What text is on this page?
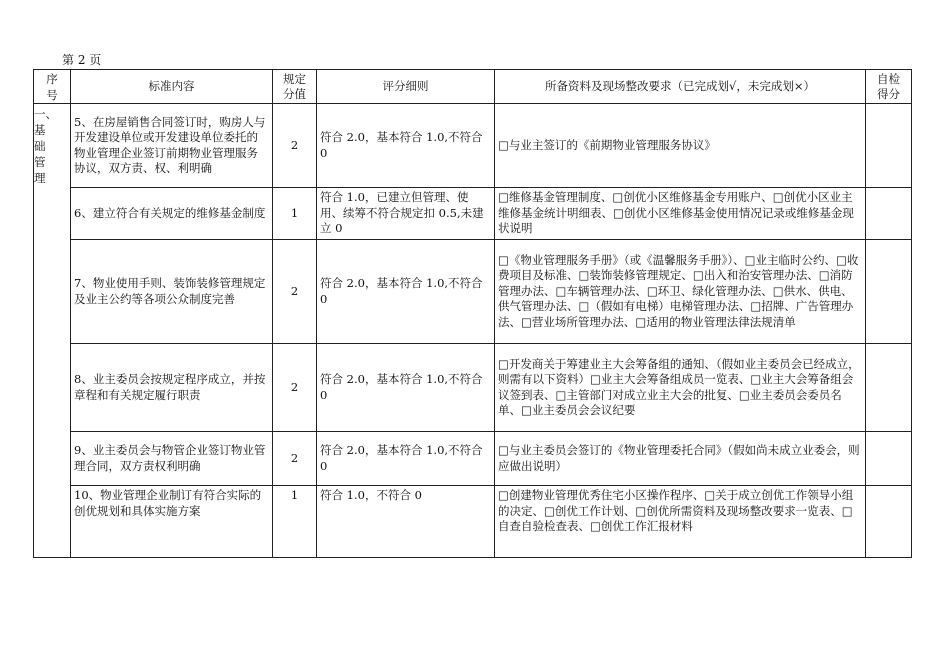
第 2 页
序号	标准内容	规定分值	评分细则	所备资料及现场整改要求（已完成划√，未完成划×）	自检得分
一、基础管理	5、在房屋销售合同签订时，购房人与开发建设单位或开发建设单位委托的物业管理企业签订前期物业管理服务协议，双方责、权、利明确	2	符合 2.0，基本符合 1.0,不符合 0	□与业主签订的《前期物业管理服务协议》	
	6、建立符合有关规定的维修基金制度	1	符合 1.0，已建立但管理、使用、续筹不符合规定扣 0.5,未建立 0	□维修基金管理制度、□创优小区维修基金专用账户、□创优小区业主维修基金统计明细表、□创优小区维修基金使用情况记录或维修基金现状说明	
	7、物业使用手则、装饰装修管理规定及业主公约等各项公众制度完善	2	符合 2.0，基本符合 1.0,不符合 0	□《物业管理服务手册》（或《温馨服务手册》）、□业主临时公约、□收费项目及标准、□装饰装修管理规定、□出入和治安管理办法、□消防管理办法、□车辆管理办法、□环卫、绿化管理办法、□供水、供电、供气管理办法、□（假如有电梯）电梯管理办法、□招牌、广告管理办法、□营业场所管理办法、□适用的物业管理法律法规清单	
	8、业主委员会按规定程序成立，并按章程和有关规定履行职责	2	符合 2.0，基本符合 1.0,不符合 0	□开发商关于筹建业主大会筹备组的通知、（假如业主委员会已经成立，则需有以下资料）□业主大会筹备组成员一览表、□业主大会筹备组会议签到表、□主管部门对成立业主大会的批复、□业主委员会委员名单、□业主委员会会议纪要	
	9、业主委员会与物管企业签订物业管理合同，双方责权利明确	2	符合 2.0，基本符合 1.0,不符合 0	□与业主委员会签订的《物业管理委托合同》（假如尚未成立业委会，则应做出说明）	
	10、物业管理企业制订有符合实际的创优规划和具体实施方案	1	符合 1.0，不符合 0	□创建物业管理优秀住宅小区操作程序、□关于成立创优工作领导小组的决定、□创优工作计划、□创优所需资料及现场整改要求一览表、□自查自验检查表、□创优工作汇报材料	
